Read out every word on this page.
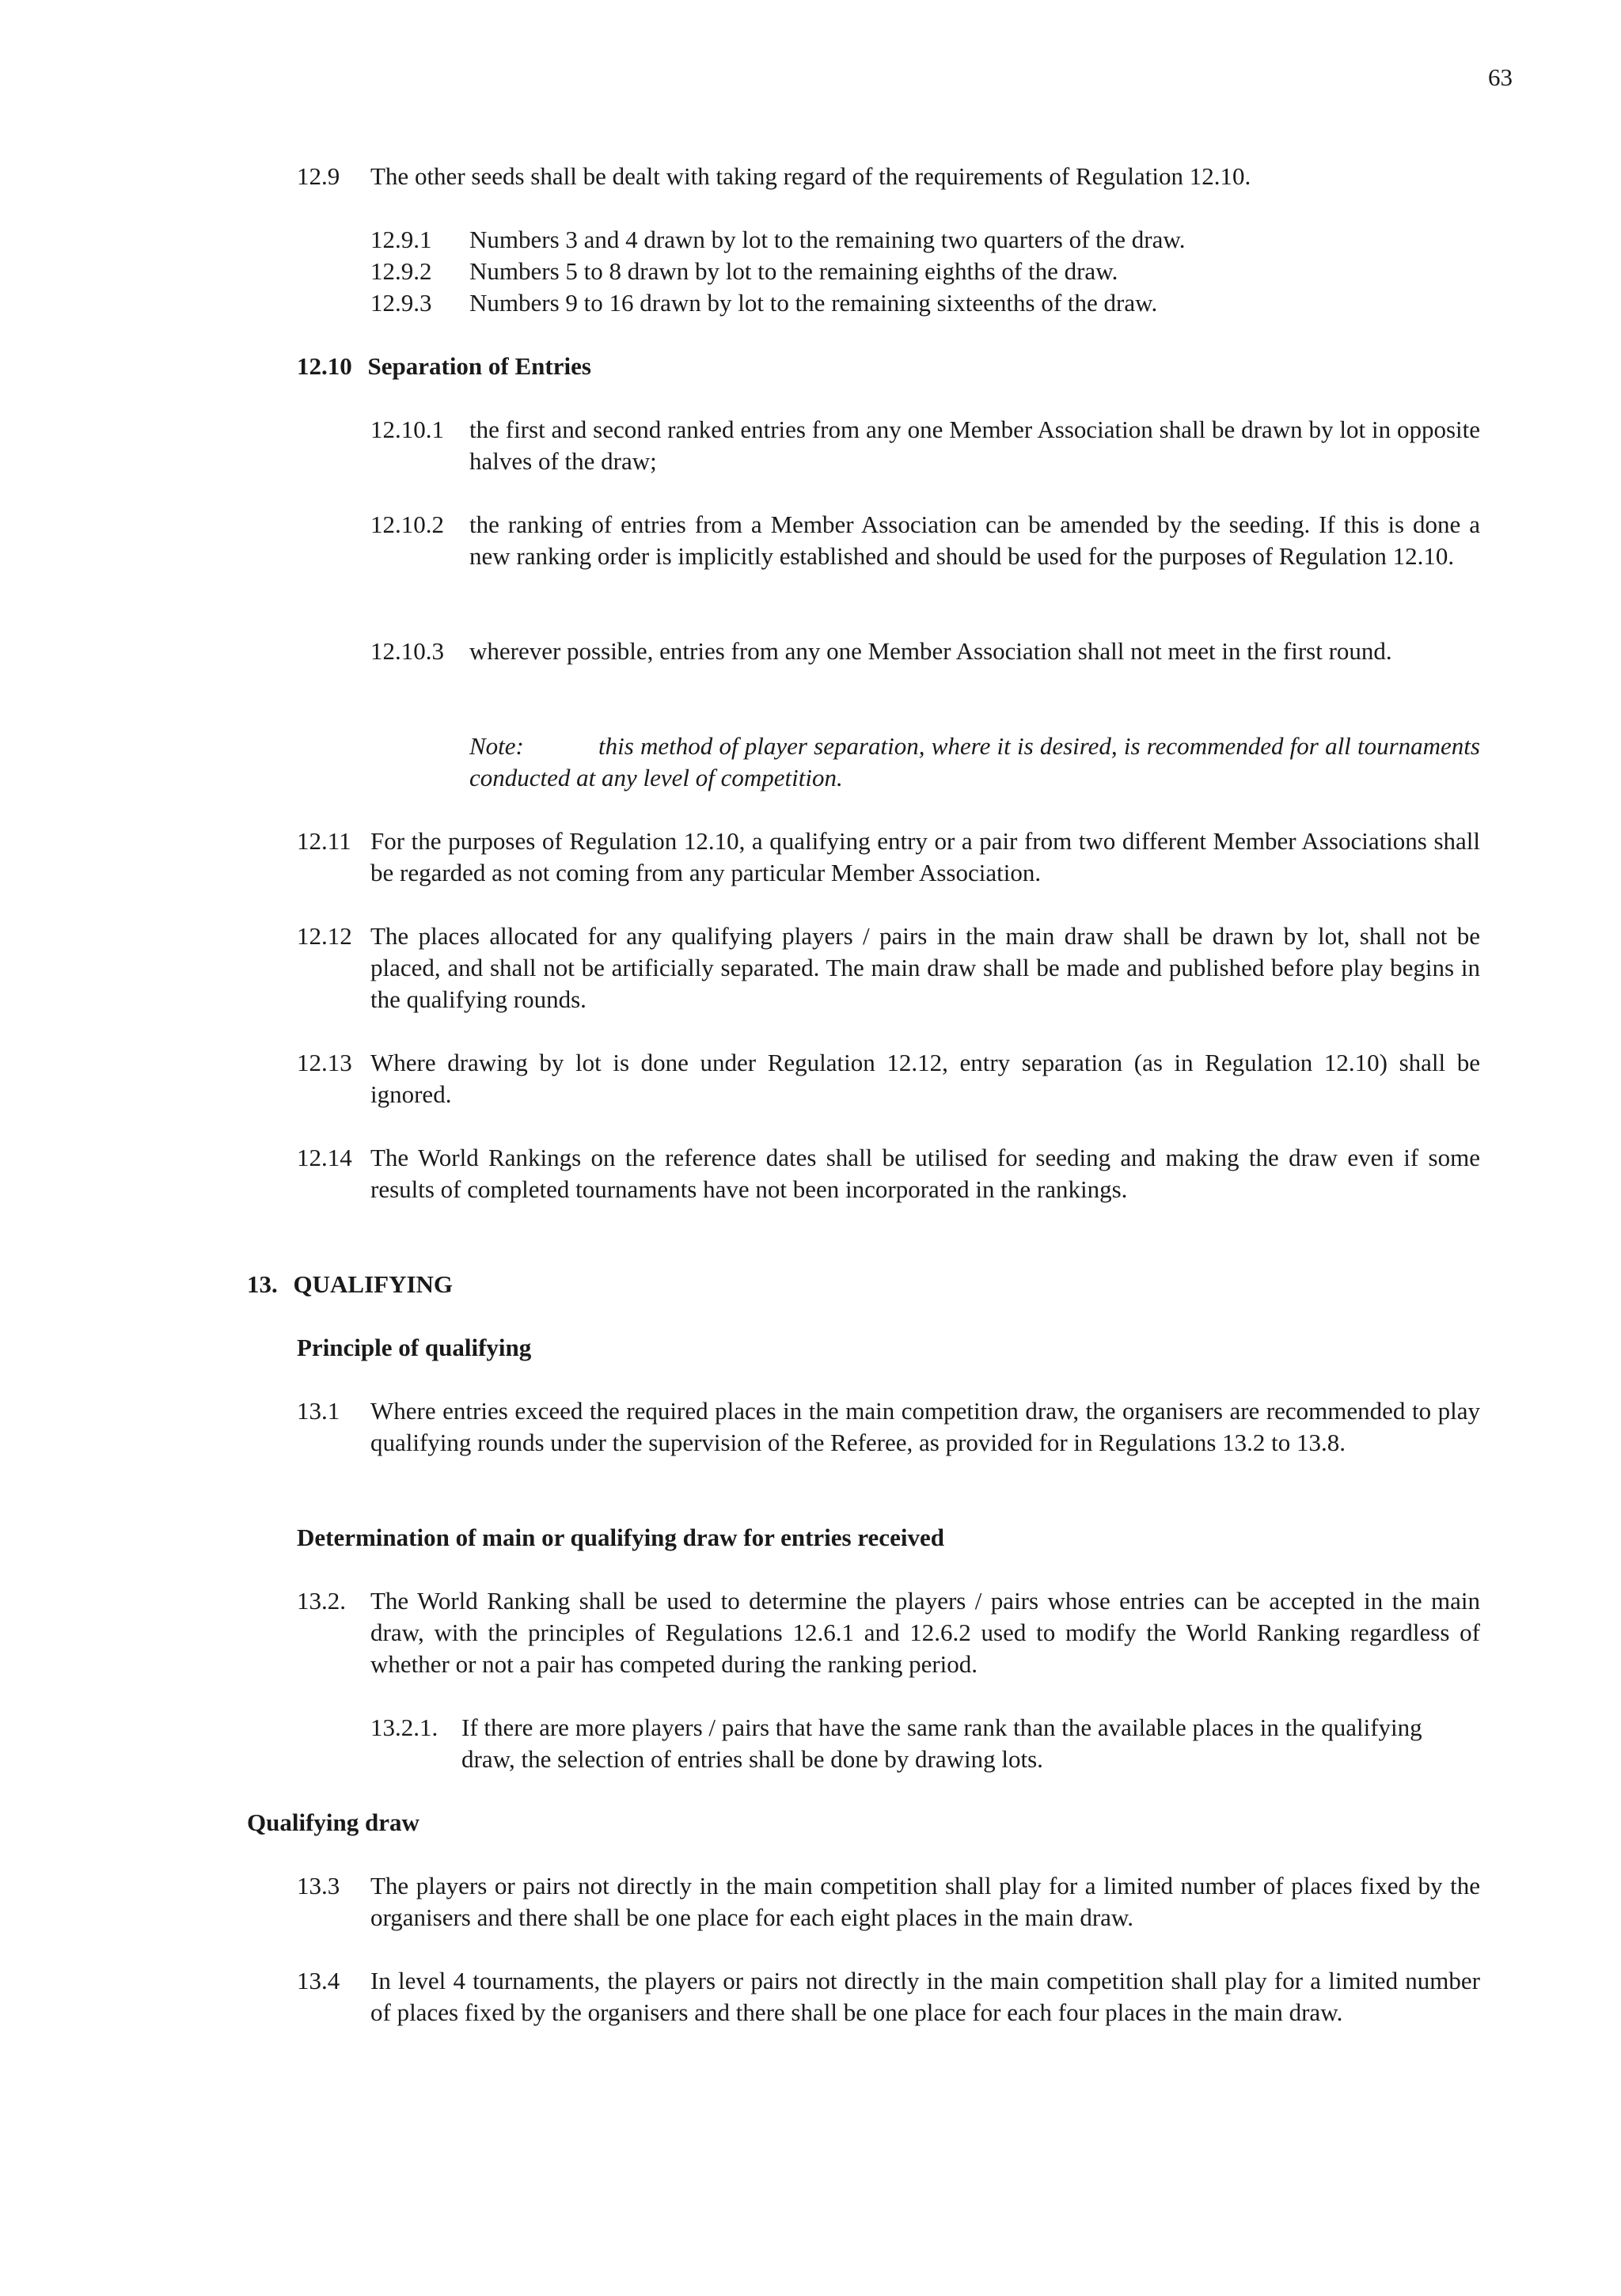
63
12.9 The other seeds shall be dealt with taking regard of the requirements of Regulation 12.10.
12.9.1 Numbers 3 and 4 drawn by lot to the remaining two quarters of the draw.
12.9.2 Numbers 5 to 8 drawn by lot to the remaining eighths of the draw.
12.9.3 Numbers 9 to 16 drawn by lot to the remaining sixteenths of the draw.
12.10 Separation of Entries
12.10.1 the first and second ranked entries from any one Member Association shall be drawn by lot in opposite halves of the draw;
12.10.2 the ranking of entries from a Member Association can be amended by the seeding. If this is done a new ranking order is implicitly established and should be used for the purposes of Regulation 12.10.
12.10.3 wherever possible, entries from any one Member Association shall not meet in the first round.
Note:	this method of player separation, where it is desired, is recommended for all tournaments conducted at any level of competition.
12.11 For the purposes of Regulation 12.10, a qualifying entry or a pair from two different Member Associations shall be regarded as not coming from any particular Member Association.
12.12 The places allocated for any qualifying players / pairs in the main draw shall be drawn by lot, shall not be placed, and shall not be artificially separated. The main draw shall be made and published before play begins in the qualifying rounds.
12.13 Where drawing by lot is done under Regulation 12.12, entry separation (as in Regulation 12.10) shall be ignored.
12.14 The World Rankings on the reference dates shall be utilised for seeding and making the draw even if some results of completed tournaments have not been incorporated in the rankings.
13. QUALIFYING
Principle of qualifying
13.1 Where entries exceed the required places in the main competition draw, the organisers are recommended to play qualifying rounds under the supervision of the Referee, as provided for in Regulations 13.2 to 13.8.
Determination of main or qualifying draw for entries received
13.2. The World Ranking shall be used to determine the players / pairs whose entries can be accepted in the main draw, with the principles of Regulations 12.6.1 and 12.6.2 used to modify the World Ranking regardless of whether or not a pair has competed during the ranking period.
13.2.1. If there are more players / pairs that have the same rank than the available places in the qualifying draw, the selection of entries shall be done by drawing lots.
Qualifying draw
13.3 The players or pairs not directly in the main competition shall play for a limited number of places fixed by the organisers and there shall be one place for each eight places in the main draw.
13.4 In level 4 tournaments, the players or pairs not directly in the main competition shall play for a limited number of places fixed by the organisers and there shall be one place for each four places in the main draw.
